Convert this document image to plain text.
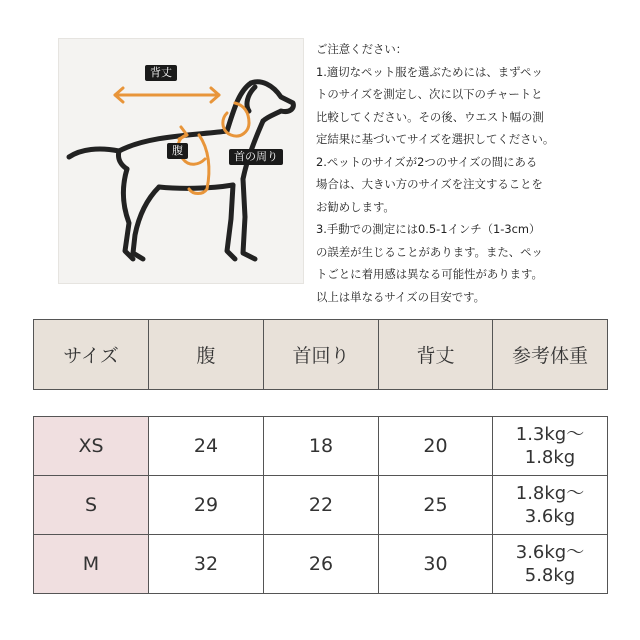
背丈
腹	首の周り
ご注意ください：
1.適切なペット服を選ぶためには、まずペッ
トのサイズを測定し、次に以下のチャートと
比較してください。その後、ウエスト幅の測
定結果に基づいてサイズを選択してください。
2.ペットのサイズが2つのサイズの間にある
場合は、大きい方のサイズを注文することを
お勧めします。
3.手動での測定には0.5-1インチ（1-3cm）
の誤差が生じることがあります。また、ペッ
トごとに着用感は異なる可能性があります。
以上は単なるサイズの目安です。
サイズ	腹	首回り	背丈	参考体重
XS	24	18	20	1.3kg〜
1.8kg

S	29	22	25	1.8kg〜
3.6kg

M	32	26	30	3.6kg〜
5.8kg
